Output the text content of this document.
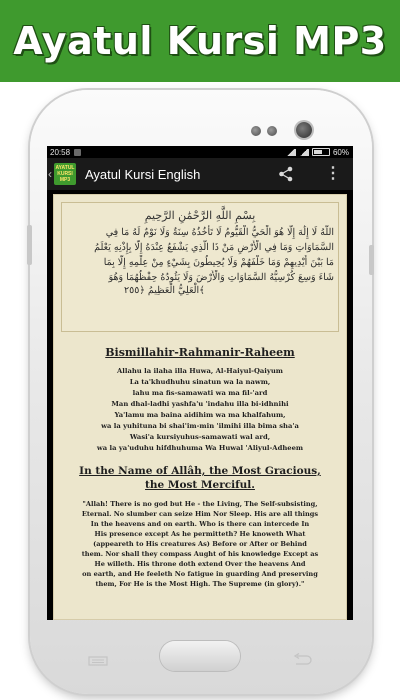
Ayatul Kursi MP3
20:58	60%
‹ AYATUL
KURSI
MP3	Ayatul Kursi English	⋮
بِسْمِ اللَّهِ الرَّحْمَٰنِ الرَّحِيمِ
اللَّهُ لَا إِلَٰهَ إِلَّا هُوَ الْحَيُّ الْقَيُّومُ لَا تَأْخُذُهُ سِنَةٌ وَلَا نَوْمٌ لَهُ مَا فِي
السَّمَاوَاتِ وَمَا فِي الْأَرْضِ مَنْ ذَا الَّذِي يَشْفَعُ عِنْدَهُ إِلَّا بِإِذْنِهِ يَعْلَمُ
مَا بَيْنَ أَيْدِيهِمْ وَمَا خَلْفَهُمْ وَلَا يُحِيطُونَ بِشَيْءٍ مِنْ عِلْمِهِ إِلَّا بِمَا
شَاءَ وَسِعَ كُرْسِيُّهُ السَّمَاوَاتِ وَالْأَرْضَ وَلَا يَئُودُهُ حِفْظُهُمَا وَهُوَ
الْعَلِيُّ الْعَظِيمُ ﴿٢٥٥﴾
Bismillahir-Rahmanir-Raheem
Allahu la ilaha illa Huwa, Al-Haiyul-Qaiyum
La ta'khudhuhu sinatun wa la nawm,
lahu ma fis-samawati wa ma fil-'ard
Man dhal-ladhi yashfa'u 'indahu illa bi-idhnihi
Ya'lamu ma baina aidihim wa ma khalfahum,
wa la yuhituna bi shai'im-min 'ilmihi illa bima sha'a
Wasi'a kursiyuhus-samawati wal ard,
wa la ya'uduhu hifdhuhuma Wa Huwal 'Aliyul-Adheem
In the Name of Allâh, the Most Gracious,
the Most Merciful.
"Allah! There is no god but He - the Living, The Self-subsisting,
Eternal. No slumber can seize Him Nor Sleep. His are all things
In the heavens and on earth. Who is there can intercede In
His presence except As he permitteth? He knoweth What
(appeareth to His creatures As) Before or After or Behind
them. Nor shall they compass Aught of his knowledge Except as
He willeth. His throne doth extend Over the heavens And
on earth, and He feeleth No fatigue in guarding And preserving
them, For He is the Most High. The Supreme (in glory)."
